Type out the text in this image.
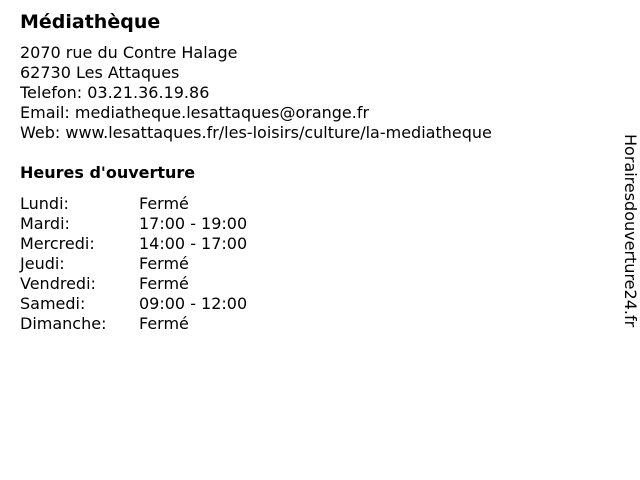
Médiathèque
2070 rue du Contre Halage
62730 Les Attaques
Telefon: 03.21.36.19.86
Email: mediatheque.lesattaques@orange.fr
Web: www.lesattaques.fr/les-loisirs/culture/la-mediatheque
Heures d'ouverture
Lundi:	Fermé
Mardi:	17:00 - 19:00
Mercredi:	14:00 - 17:00
Jeudi:	Fermé
Vendredi:	Fermé
Samedi:	09:00 - 12:00
Dimanche:	Fermé	Horairesdouverture24.fr
